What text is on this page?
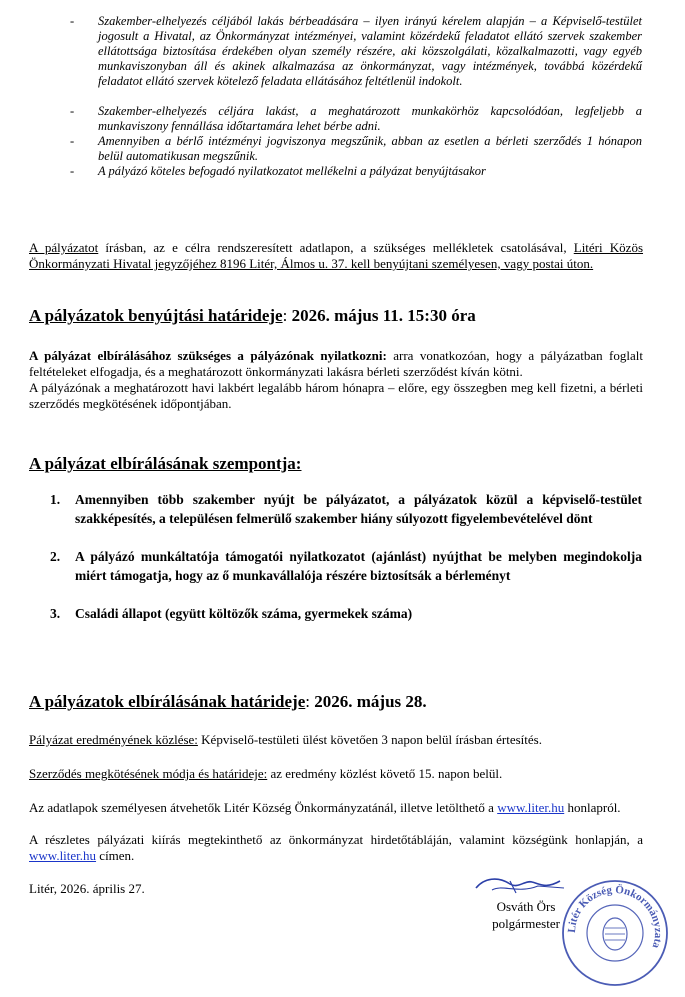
- Szakember-elhelyezés céljából lakás bérbeadására – ilyen irányú kérelem alapján – a Képviselő-testület jogosult a Hivatal, az Önkormányzat intézményei, valamint közérdekű feladatot ellátó szervek szakember ellátottsága biztosítása érdekében olyan személy részére, aki közszolgálati, közalkalmazotti, vagy egyéb munkaviszonyban áll és akinek alkalmazása az önkormányzat, vagy intézmények, továbbá közérdekű feladatot ellátó szervek kötelező feladata ellátásához feltétlenül indokolt.
- Szakember-elhelyezés céljára lakást, a meghatározott munkakörhöz kapcsolódóan, legfeljebb a munkaviszony fennállása időtartamára lehet bérbe adni.
- Amennyiben a bérlő intézményi jogviszonya megszűnik, abban az esetlen a bérleti szerződés 1 hónapon belül automatikusan megszűnik.
- A pályázó köteles befogadó nyilatkozatot mellékelni a pályázat benyújtásakor
A pályázatot írásban, az e célra rendszeresített adatlapon, a szükséges mellékletek csatolásával, Litéri Közös Önkormányzati Hivatal jegyzőjéhez 8196 Litér, Álmos u. 37. kell benyújtani személyesen, vagy postai úton.
A pályázatok benyújtási határideje: 2026. május 11. 15:30 óra
A pályázat elbírálásához szükséges a pályázónak nyilatkozni: arra vonatkozóan, hogy a pályázatban foglalt feltételeket elfogadja, és a meghatározott önkormányzati lakásra bérleti szerződést kíván kötni.
A pályázónak a meghatározott havi lakbért legalább három hónapra – előre, egy összegben meg kell fizetni, a bérleti szerződés megkötésének időpontjában.
A pályázat elbírálásának szempontja:
1. Amennyiben több szakember nyújt be pályázatot, a pályázatok közül a képviselő-testület szakképesítés, a településen felmerülő szakember hiány súlyozott figyelembevételével dönt
2. A pályázó munkáltatója támogatói nyilatkozatot (ajánlást) nyújthat be melyben megindokolja miért támogatja, hogy az ő munkavállalója részére biztosítsák a bérleményt
3. Családi állapot (együtt költözők száma, gyermekek száma)
A pályázatok elbírálásának határideje: 2026. május 28.
Pályázat eredményének közlése: Képviselő-testületi ülést követően 3 napon belül írásban értesítés.
Szerződés megkötésének módja és határideje: az eredmény közlést követő 15. napon belül.
Az adatlapok személyesen átvehetők Litér Község Önkormányzatánál, illetve letölthető a www.liter.hu honlapról.
A részletes pályázati kiírás megtekinthető az önkormányzat hirdetőtábláján, valamint községünk honlapján, a www.liter.hu címen.
Litér, 2026. április 27.
Osváth Örs
polgármester Litér Község Önkormányzata
